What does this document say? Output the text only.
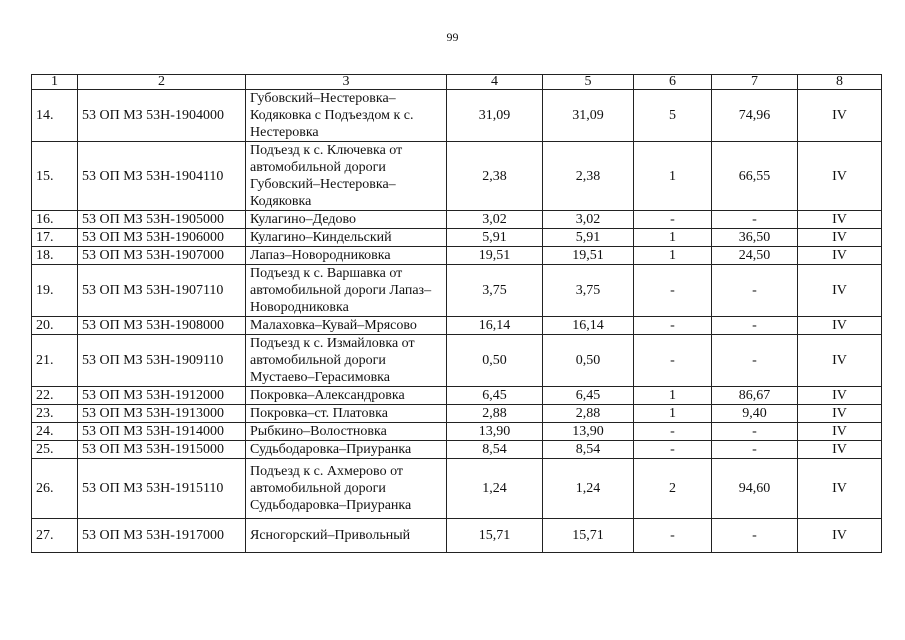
99
1	2	3	4	5	6	7	8
14.	53 ОП МЗ 53Н-1904000	Губовский–Нестеровка–Кодяковка с Подъездом к с. Нестеровка	31,09	31,09	5	74,96	IV
15.	53 ОП МЗ 53Н-1904110	Подъезд к с. Ключевка от автомобильной дороги Губовский–Нестеровка–Кодяковка	2,38	2,38	1	66,55	IV
16.	53 ОП МЗ 53Н-1905000	Кулагино–Дедово	3,02	3,02	-	-	IV
17.	53 ОП МЗ 53Н-1906000	Кулагино–Киндельский	5,91	5,91	1	36,50	IV
18.	53 ОП МЗ 53Н-1907000	Лапаз–Новородниковка	19,51	19,51	1	24,50	IV
19.	53 ОП МЗ 53Н-1907110	Подъезд к с. Варшавка от автомобильной дороги Лапаз–Новородниковка	3,75	3,75	-	-	IV
20.	53 ОП МЗ 53Н-1908000	Малаховка–Кувай–Мрясово	16,14	16,14	-	-	IV
21.	53 ОП МЗ 53Н-1909110	Подъезд к с. Измайловка от автомобильной дороги Мустаево–Герасимовка	0,50	0,50	-	-	IV
22.	53 ОП МЗ 53Н-1912000	Покровка–Александровка	6,45	6,45	1	86,67	IV
23.	53 ОП МЗ 53Н-1913000	Покровка–ст. Платовка	2,88	2,88	1	9,40	IV
24.	53 ОП МЗ 53Н-1914000	Рыбкино–Волостновка	13,90	13,90	-	-	IV
25.	53 ОП МЗ 53Н-1915000	Судьбодаровка–Приуранка	8,54	8,54	-	-	IV
26.	53 ОП МЗ 53Н-1915110	Подъезд к с. Ахмерово от автомобильной дороги Судьбодаровка–Приуранка	1,24	1,24	2	94,60	IV
27.	53 ОП МЗ 53Н-1917000	Ясногорский–Привольный	15,71	15,71	-	-	IV
